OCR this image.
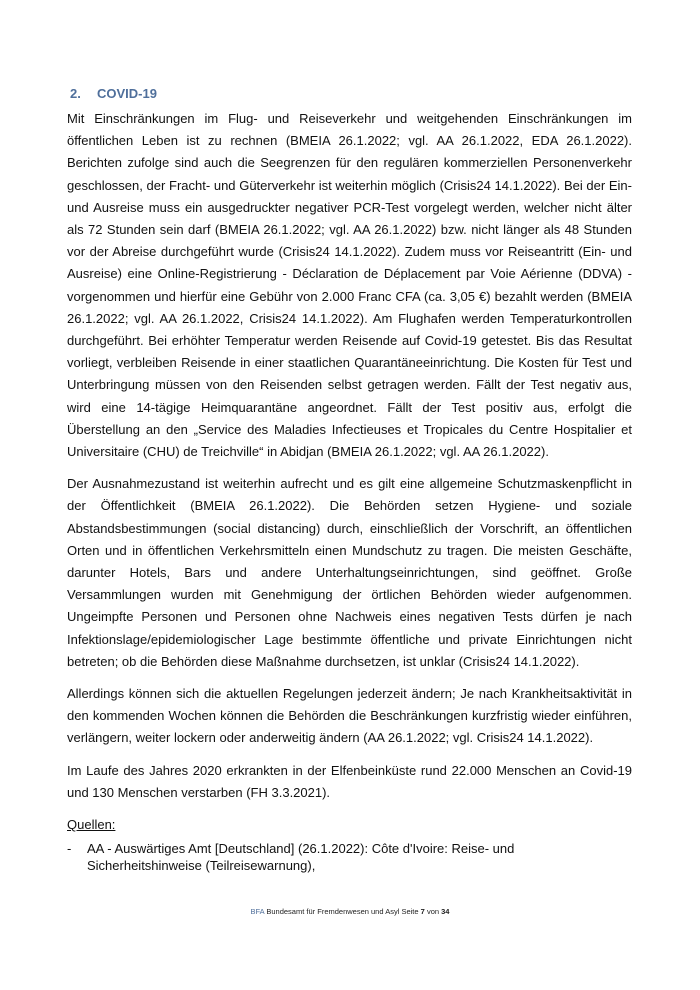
2. COVID-19

Mit Einschränkungen im Flug- und Reiseverkehr und weitgehenden Einschränkungen im öffentlichen Leben ist zu rechnen (BMEIA 26.1.2022; vgl. AA 26.1.2022, EDA 26.1.2022). Berichten zufolge sind auch die Seegrenzen für den regulären kommerziellen Personenverkehr geschlossen, der Fracht- und Güterverkehr ist weiterhin möglich (Crisis24 14.1.2022). Bei der Ein- und Ausreise muss ein ausgedruckter negativer PCR-Test vorgelegt werden, welcher nicht älter als 72 Stunden sein darf (BMEIA 26.1.2022; vgl. AA 26.1.2022) bzw. nicht länger als 48 Stunden vor der Abreise durchgeführt wurde (Crisis24 14.1.2022). Zudem muss vor Reiseantritt (Ein- und Ausreise) eine Online-Registrierung - Déclaration de Déplacement par Voie Aérienne (DDVA) - vorgenommen und hierfür eine Gebühr von 2.000 Franc CFA (ca. 3,05 €) bezahlt werden (BMEIA 26.1.2022; vgl. AA 26.1.2022, Crisis24 14.1.2022). Am Flughafen werden Temperaturkontrollen durchgeführt. Bei erhöhter Temperatur werden Reisende auf Covid-19 getestet. Bis das Resultat vorliegt, verbleiben Reisende in einer staatlichen Quarantäneeinrichtung. Die Kosten für Test und Unterbringung müssen von den Reisenden selbst getragen werden. Fällt der Test negativ aus, wird eine 14-tägige Heimquarantäne angeordnet. Fällt der Test positiv aus, erfolgt die Überstellung an den „Service des Maladies Infectieuses et Tropicales du Centre Hospitalier et Universitaire (CHU) de Treichville“ in Abidjan (BMEIA 26.1.2022; vgl. AA 26.1.2022).

Der Ausnahmezustand ist weiterhin aufrecht und es gilt eine allgemeine Schutzmaskenpflicht in der Öffentlichkeit (BMEIA 26.1.2022). Die Behörden setzen Hygiene- und soziale Abstandsbestimmungen (social distancing) durch, einschließlich der Vorschrift, an öffentlichen Orten und in öffentlichen Verkehrsmitteln einen Mundschutz zu tragen. Die meisten Geschäfte, darunter Hotels, Bars und andere Unterhaltungseinrichtungen, sind geöffnet. Große Versammlungen wurden mit Genehmigung der örtlichen Behörden wieder aufgenommen. Ungeimpfte Personen und Personen ohne Nachweis eines negativen Tests dürfen je nach Infektionslage/epidemiologischer Lage bestimmte öffentliche und private Einrichtungen nicht betreten; ob die Behörden diese Maßnahme durchsetzen, ist unklar (Crisis24 14.1.2022).

Allerdings können sich die aktuellen Regelungen jederzeit ändern; Je nach Krankheitsaktivität in den kommenden Wochen können die Behörden die Beschränkungen kurzfristig wieder einführen, verlängern, weiter lockern oder anderweitig ändern (AA 26.1.2022; vgl. Crisis24 14.1.2022).

Im Laufe des Jahres 2020 erkrankten in der Elfenbeinküste rund 22.000 Menschen an Covid-19 und 130 Menschen verstarben (FH 3.3.2021).

Quellen:
-	AA - Auswärtiges Amt [Deutschland] (26.1.2022): Côte d'Ivoire: Reise- und Sicherheitshinweise (Teilreisewarnung),
BFA Bundesamt für Fremdenwesen und Asyl Seite 7 von 34
